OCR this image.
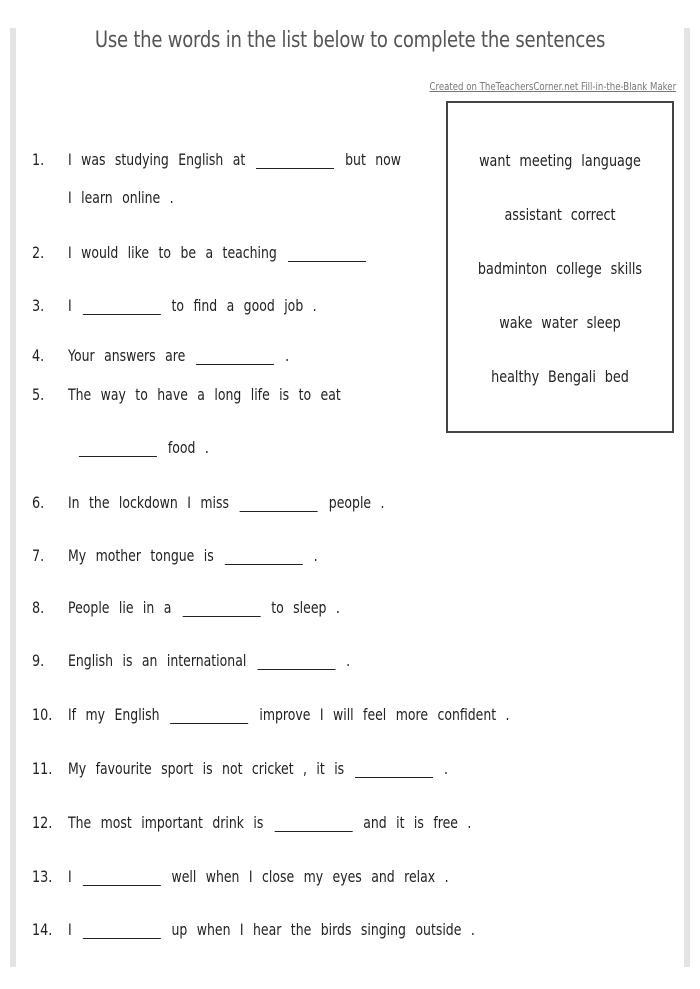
Use the words in the list below to complete the sentences
Created on TheTeachersCorner.net Fill-in-the-Blank Maker
want meeting language
assistant correct
badminton college skills
wake water sleep
healthy Bengali bed
1.	I was studying English at	but now
I learn online .
2.	I would like to be a teaching
3.	I	to find a good job .
4.	Your answers are	.
5.	The way to have a long life is to eat
food .
6.	In the lockdown I miss	people .
7.	My mother tongue is	.
8.	People lie in a	to sleep .
9.	English is an international	.
10. If my English	improve I will feel more confident .
11. My favourite sport is not cricket , it is	.
12. The most important drink is	and it is free .
13. I	well when I close my eyes and relax .
14. I	up when I hear the birds singing outside .
